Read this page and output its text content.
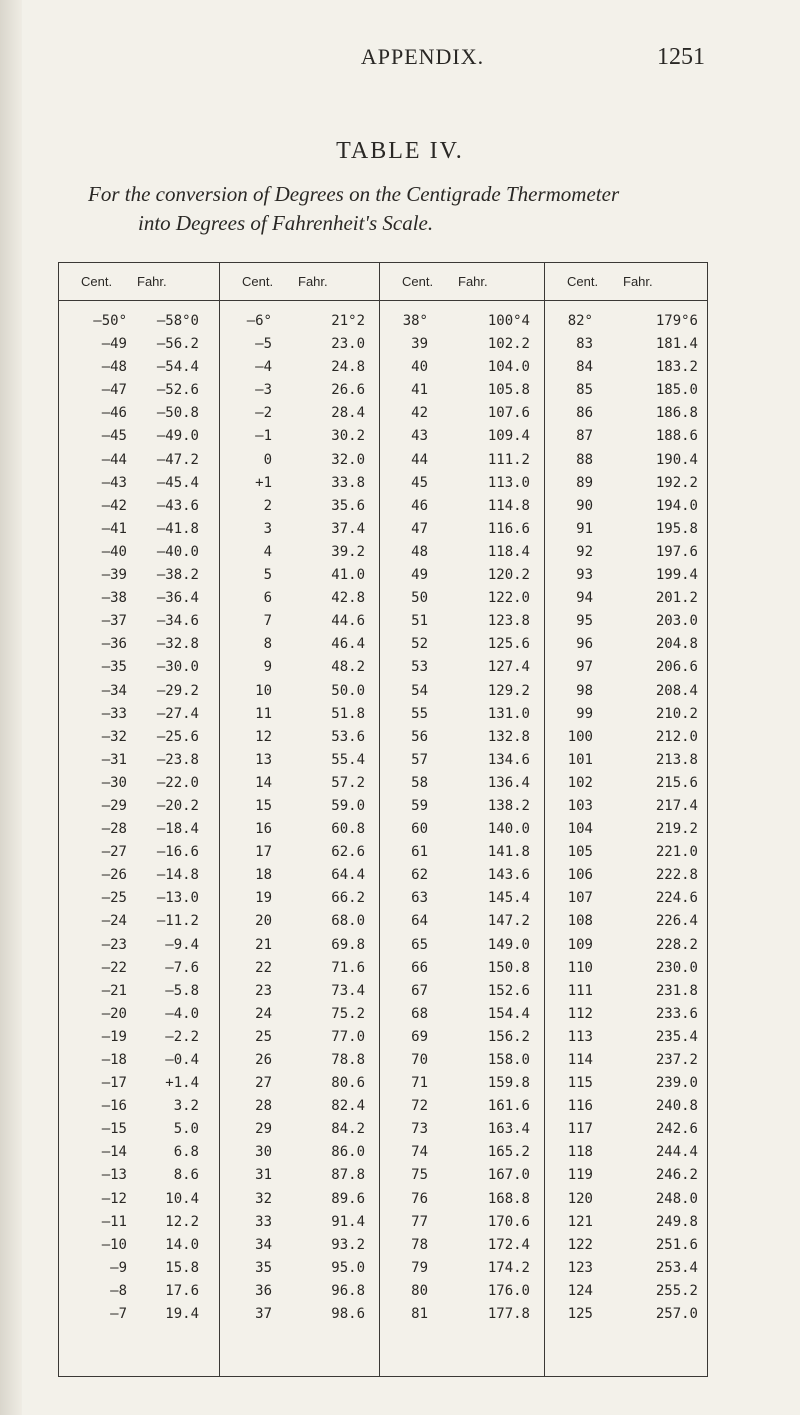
APPENDIX.	1251
TABLE IV.
For the conversion of Degrees on the Centigrade Thermometer
into Degrees of Fahrenheit's Scale.
Cent. Fahr.
—50° —58°0
—49 —56.2
—48 —54.4
—47 —52.6
—46 —50.8
—45 —49.0
—44 —47.2
—43 —45.4
—42 —43.6
—41 —41.8
—40 —40.0
—39 —38.2
—38 —36.4
—37 —34.6
—36 —32.8
—35 —30.0
—34 —29.2
—33 —27.4
—32 —25.6
—31 —23.8
—30 —22.0
—29 —20.2
—28 —18.4
—27 —16.6
—26 —14.8
—25 —13.0
—24 —11.2
—23	—9.4
—22	—7.6
—21	—5.8
—20	—4.0
—19	—2.2
—18	—0.4
—17	+1.4
—16	3.2
—15	5.0
—14	6.8
—13	8.6
—12	10.4
—11	12.2
—10	14.0
—9	15.8
—8	17.6
—7	19.4
Cent. Fahr.
—6°	21°2
—5	23.0
—4	24.8
—3	26.6
—2	28.4
—1	30.2
0	32.0
+1	33.8
2	35.6
3	37.4
4	39.2
5	41.0
6	42.8
7	44.6
8	46.4
9	48.2
10	50.0
11	51.8
12	53.6
13	55.4
14	57.2
15	59.0
16	60.8
17	62.6
18	64.4
19	66.2
20	68.0
21	69.8
22	71.6
23	73.4
24	75.2
25	77.0
26	78.8
27	80.6
28	82.4
29	84.2
30	86.0
31	87.8
32	89.6
33	91.4
34	93.2
35	95.0
36	96.8
37	98.6
Cent. Fahr.
38°	100°4
39	102.2
40	104.0
41	105.8
42	107.6
43	109.4
44	111.2
45	113.0
46	114.8
47	116.6
48	118.4
49	120.2
50	122.0
51	123.8
52	125.6
53	127.4
54	129.2
55	131.0
56	132.8
57	134.6
58	136.4
59	138.2
60	140.0
61	141.8
62	143.6
63	145.4
64	147.2
65	149.0
66	150.8
67	152.6
68	154.4
69	156.2
70	158.0
71	159.8
72	161.6
73	163.4
74	165.2
75	167.0
76	168.8
77	170.6
78	172.4
79	174.2
80	176.0
81	177.8
Cent. Fahr.
82°	179°6
83	181.4
84	183.2
85	185.0
86	186.8
87	188.6
88	190.4
89	192.2
90	194.0
91	195.8
92	197.6
93	199.4
94	201.2
95	203.0
96	204.8
97	206.6
98	208.4
99	210.2
100	212.0
101	213.8
102	215.6
103	217.4
104	219.2
105	221.0
106	222.8
107	224.6
108	226.4
109	228.2
110	230.0
111	231.8
112	233.6
113	235.4
114	237.2
115	239.0
116	240.8
117	242.6
118	244.4
119	246.2
120	248.0
121	249.8
122	251.6
123	253.4
124	255.2
125	257.0
